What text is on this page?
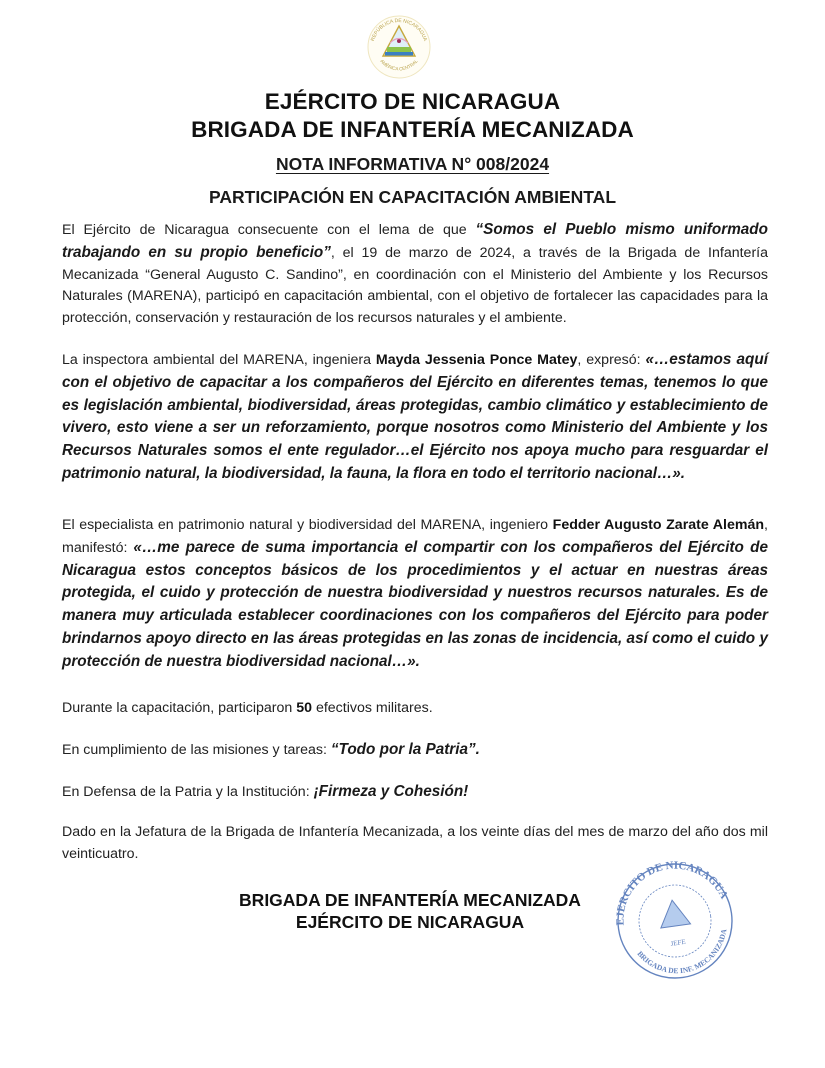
REPÚBLICA DE NICARAGUA
AMÉRICA CENTRAL
EJÉRCITO DE NICARAGUA
BRIGADA DE INFANTERÍA MECANIZADA
NOTA INFORMATIVA N° 008/2024
PARTICIPACIÓN EN CAPACITACIÓN AMBIENTAL
El Ejército de Nicaragua consecuente con el lema de que “Somos el Pueblo mismo uniformado trabajando en su propio beneficio”, el 19 de marzo de 2024, a través de la Brigada de Infantería Mecanizada “General Augusto C. Sandino”, en coordinación con el Ministerio del Ambiente y los Recursos Naturales (MARENA), participó en capacitación ambiental, con el objetivo de fortalecer las capacidades para la protección, conservación y restauración de los recursos naturales y el ambiente.
La inspectora ambiental del MARENA, ingeniera Mayda Jessenia Ponce Matey, expresó: «…estamos aquí con el objetivo de capacitar a los compañeros del Ejército en diferentes temas, tenemos lo que es legislación ambiental, biodiversidad, áreas protegidas, cambio climático y establecimiento de vivero, esto viene a ser un reforzamiento, porque nosotros como Ministerio del Ambiente y los Recursos Naturales somos el ente regulador…el Ejército nos apoya mucho para resguardar el patrimonio natural, la biodiversidad, la fauna, la flora en todo el territorio nacional…».
El especialista en patrimonio natural y biodiversidad del MARENA, ingeniero Fedder Augusto Zarate Alemán, manifestó: «…me parece de suma importancia el compartir con los compañeros del Ejército de Nicaragua estos conceptos básicos de los procedimientos y el actuar en nuestras áreas protegida, el cuido y protección de nuestra biodiversidad y nuestros recursos naturales. Es de manera muy articulada establecer coordinaciones con los compañeros del Ejército para poder brindarnos apoyo directo en las áreas protegidas en las zonas de incidencia, así como el cuido y protección de nuestra biodiversidad nacional…».
Durante la capacitación, participaron 50 efectivos militares.
En cumplimiento de las misiones y tareas: “Todo por la Patria”.
En Defensa de la Patria y la Institución: ¡Firmeza y Cohesión!
Dado en la Jefatura de la Brigada de Infantería Mecanizada, a los veinte días del mes de marzo del año dos mil veinticuatro.
BRIGADA DE INFANTERÍA MECANIZADA
EJÉRCITO DE NICARAGUA	EJERCITO DE NICARAGUA
BRIGADA DE INF. MECANIZADA
JEFE
